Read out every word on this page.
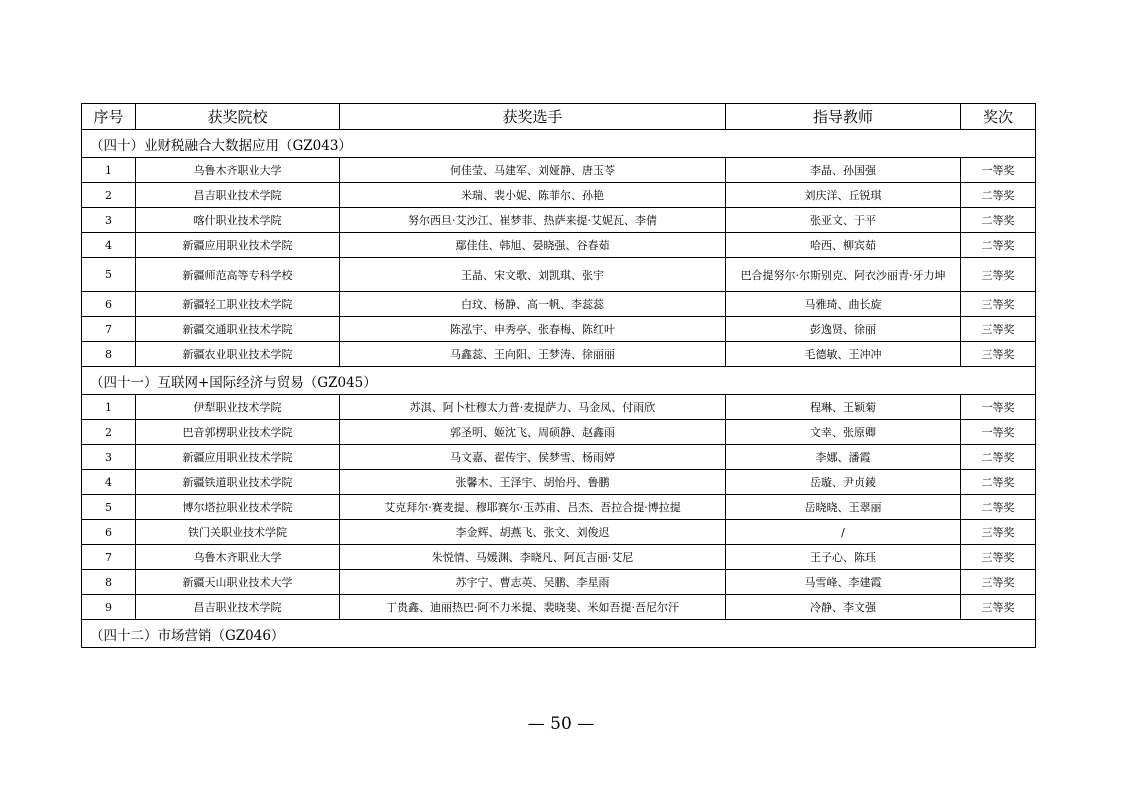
序号	获奖院校	获奖选手	指导教师	奖次
（四十）业财税融合大数据应用（GZ043）				
1	乌鲁木齐职业大学	何佳莹、马建军、刘娅静、唐玉苓	李晶、孙国强	一等奖
2	昌吉职业技术学院	米瑞、裴小妮、陈菲尔、孙艳	刘庆洋、丘锐琪	二等奖
3	喀什职业技术学院	努尔西旦·艾沙江、崔梦菲、热萨来提·艾妮瓦、李倩	张亚文、于平	二等奖
4	新疆应用职业技术学院	鄢佳佳、韩旭、晏晓强、谷春茹	哈西、柳宾茹	二等奖
5	新疆师范高等专科学校	王晶、宋文歌、刘凯琪、张宇	巴合提努尔·尔斯别克、阿衣沙丽青·牙力坤	三等奖
6	新疆轻工职业技术学院	白玟、杨静、高一帆、李蕊蕊	马雅琦、曲长旋	三等奖
7	新疆交通职业技术学院	陈泓宇、申秀亭、张春梅、陈红叶	彭逸贤、徐丽	三等奖
8	新疆农业职业技术学院	马鑫蕊、王向阳、王梦涛、徐丽丽	毛德敏、王冲冲	三等奖
（四十一）互联网+国际经济与贸易（GZ045）				
1	伊犁职业技术学院	苏淇、阿卜杜穆太力普·麦提萨力、马金凤、付雨欣	程琳、王颖菊	一等奖
2	巴音郭楞职业技术学院	郭圣明、姬沈飞、周硕静、赵鑫雨	文幸、张原卿	一等奖
3	新疆应用职业技术学院	马文嘉、翟传宇、侯梦雪、杨雨婷	李娜、潘霞	二等奖
4	新疆铁道职业技术学院	张馨木、王泽宇、胡怡丹、鲁鹏	岳璇、尹贞錂	二等奖
5	博尔塔拉职业技术学院	艾克拜尔·赛麦提、穆耶赛尔·玉苏甫、吕杰、吾拉合提·博拉提	岳晓晓、王翠丽	二等奖
6	铁门关职业技术学院	李金辉、胡燕飞、张文、刘俊迟	/	三等奖
7	乌鲁木齐职业大学	朱悦情、马媛渊、李晓凡、阿瓦吉丽·艾尼	王子心、陈珏	三等奖
8	新疆天山职业技术大学	苏宇宁、曹志英、吴鹏、李星雨	马雪峰、李建霞	三等奖
9	昌吉职业技术学院	丁贵鑫、迪丽热巴·阿不力米提、裴晓斐、米如吾提·吾尼尔汗	冷静、李文强	三等奖
（四十二）市场营销（GZ046）				
— 50 —
